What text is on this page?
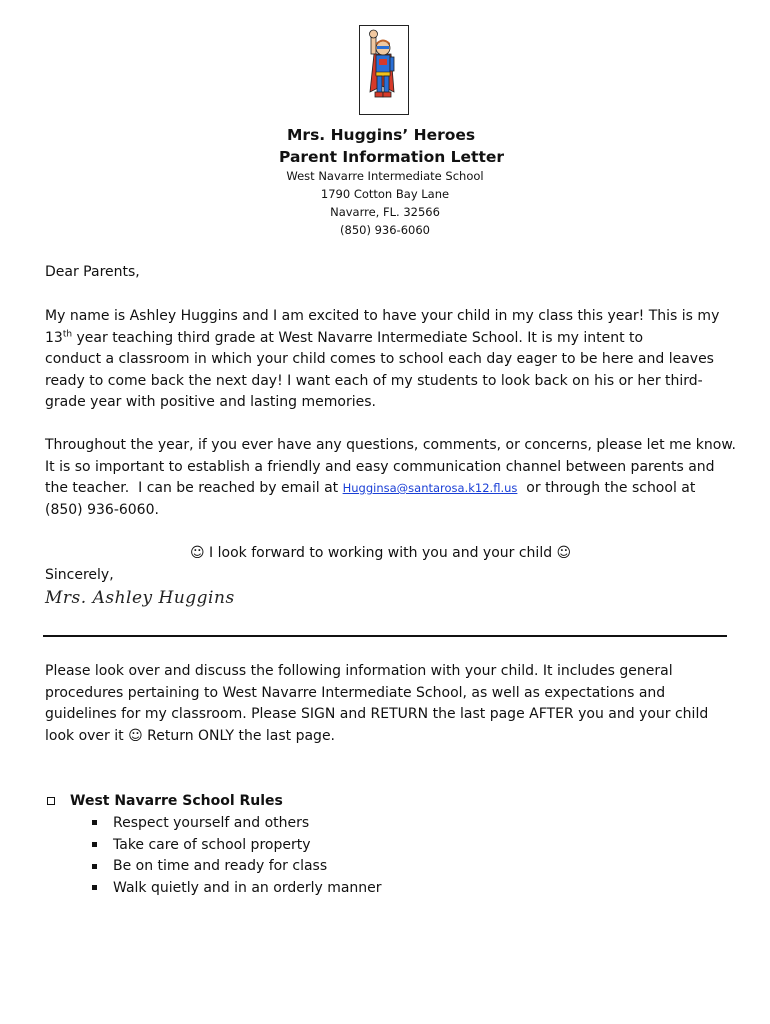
Mrs. Huggins’ Heroes
Parent Information Letter
West Navarre Intermediate School
1790 Cotton Bay Lane
Navarre, FL. 32566
(850) 936-6060
Dear Parents,
My name is Ashley Huggins and I am excited to have your child in my class this year! This is my
13th year teaching third grade at West Navarre Intermediate School. It is my intent to
conduct a classroom in which your child comes to school each day eager to be here and leaves
ready to come back the next day! I want each of my students to look back on his or her third-
grade year with positive and lasting memories.
Throughout the year, if you ever have any questions, comments, or concerns, please let me know.
It is so important to establish a friendly and easy communication channel between parents and
the teacher.  I can be reached by email at Hugginsa@santarosa.k12.fl.us  or through the school at
(850) 936-6060.
☺ I look forward to working with you and your child ☺
Sincerely,
Mrs. Ashley Huggins
Please look over and discuss the following information with your child. It includes general
procedures pertaining to West Navarre Intermediate School, as well as expectations and
guidelines for my classroom. Please SIGN and RETURN the last page AFTER you and your child
look over it ☺ Return ONLY the last page.
West Navarre School Rules
Respect yourself and others
Take care of school property
Be on time and ready for class
Walk quietly and in an orderly manner
